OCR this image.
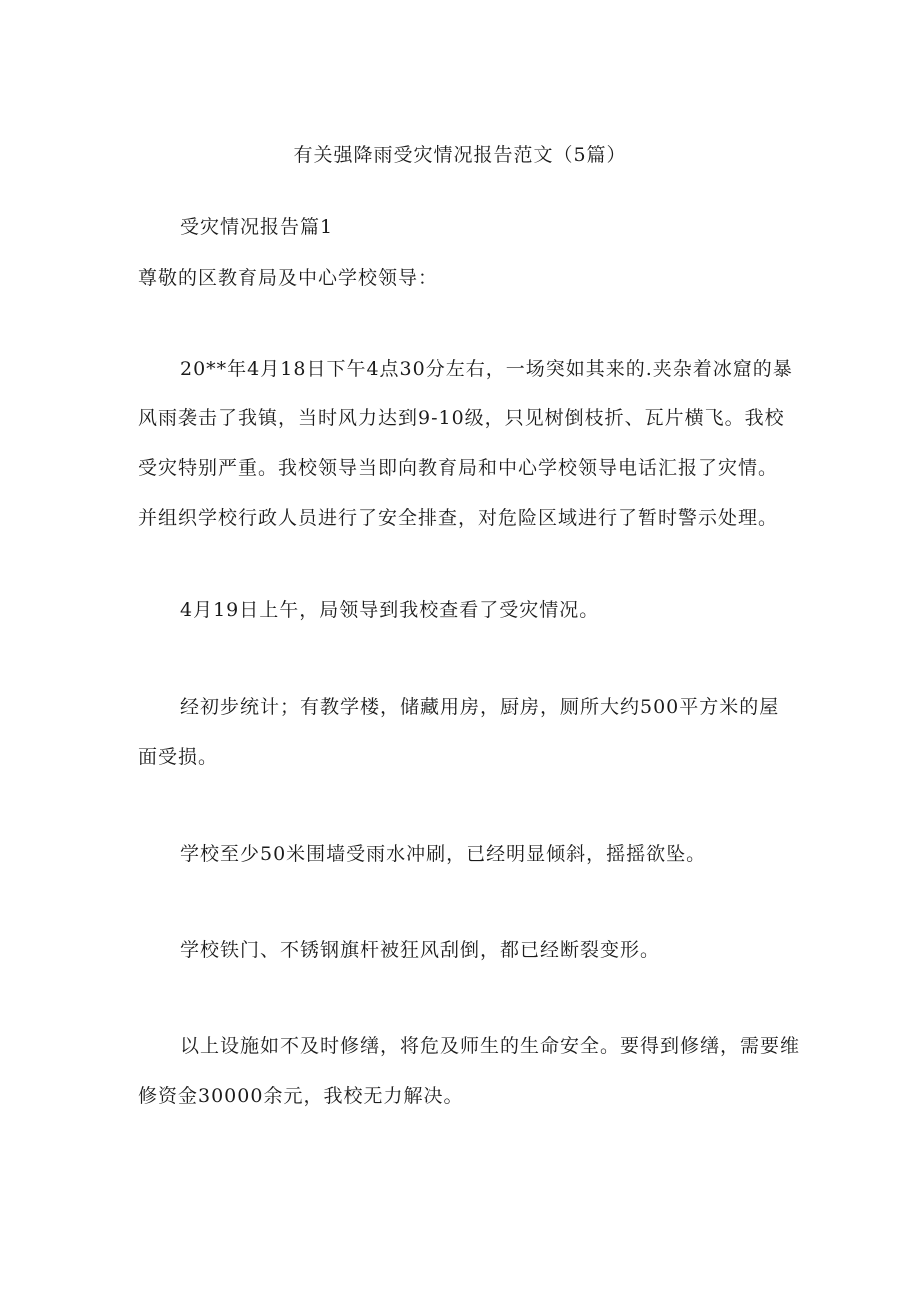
有关强降雨受灾情况报告范文（5篇）
受灾情况报告篇1
尊敬的区教育局及中心学校领导：
20**年4月18日下午4点30分左右，一场突如其来的.夹杂着冰窟的暴
风雨袭击了我镇，当时风力达到9-10级，只见树倒枝折、瓦片横飞。我校
受灾特别严重。我校领导当即向教育局和中心学校领导电话汇报了灾情。
并组织学校行政人员进行了安全排查，对危险区域进行了暂时警示处理。
4月19日上午，局领导到我校查看了受灾情况。
经初步统计；有教学楼，储藏用房，厨房，厕所大约500平方米的屋
面受损。
学校至少50米围墙受雨水冲刷，已经明显倾斜，摇摇欲坠。
学校铁门、不锈钢旗杆被狂风刮倒，都已经断裂变形。
以上设施如不及时修缮，将危及师生的生命安全。要得到修缮，需要维
修资金30000余元，我校无力解决。
